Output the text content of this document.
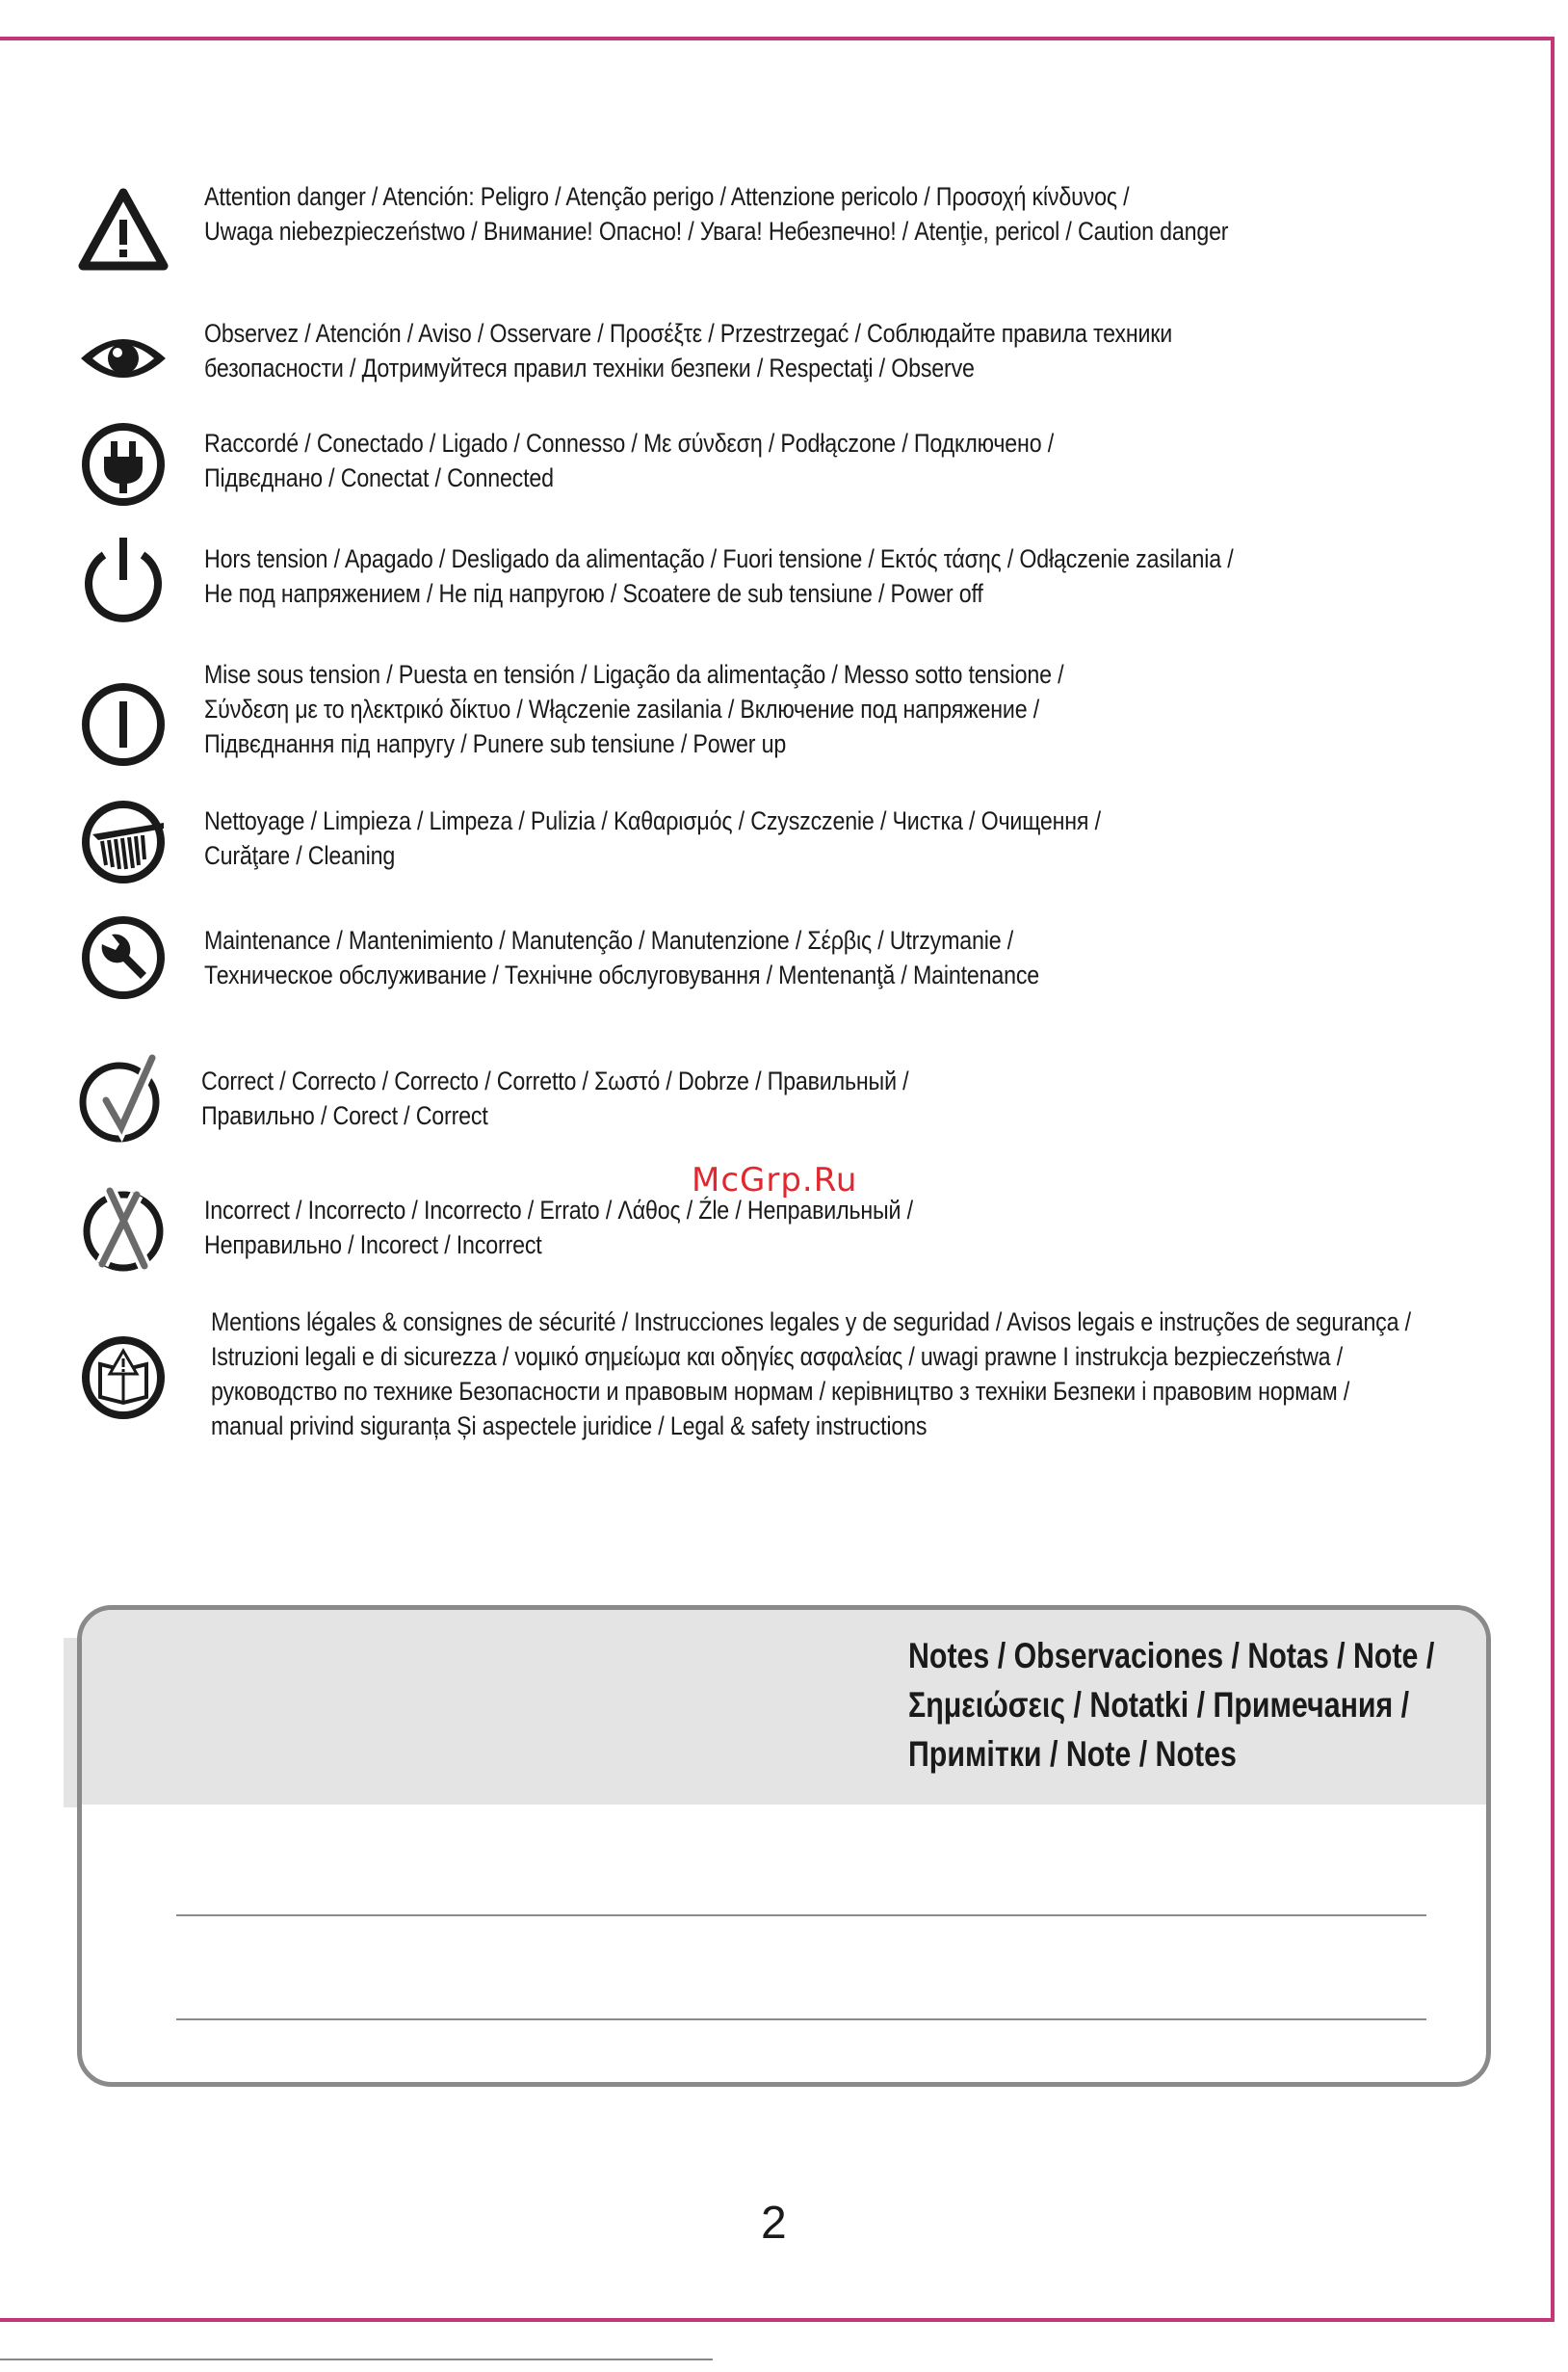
Attention danger / Atención: Peligro / Atenção perigo / Attenzione pericolo / Προσοχή κίνδυνος /
Uwaga niebezpieczeństwo / Внимание! Опасно! / Увага! Небезпечно! / Atenţie, pericol / Caution danger
Observez / Atención / Aviso / Osservare / Προσέξτε / Przestrzegać / Соблюдайте правила техники
безопасности / Дотримуйтеся правил техніки безпеки / Respectaţi / Observe
Raccordé / Conectado / Ligado / Connesso / Με σύνδεση / Podłączone / Подключено /
Підвєднано / Conectat / Connected
Hors tension / Apagado / Desligado da alimentação / Fuori tensione / Εκτός τάσης / Odłączenie zasilania /
Не под напряжением / Не під напругою / Scoatere de sub tensiune / Power off
Mise sous tension / Puesta en tensión / Ligação da alimentação / Messo sotto tensione /
Σύνδεση με το ηλεκτρικό δίκτυο / Włączenie zasilania / Включение под напряжение /
Підвєднання під напругу / Punere sub tensiune / Power up
Nettoyage / Limpieza / Limpeza / Pulizia / Καθαρισμός / Czyszczenie / Чистка / Очищення /
Curăţare / Cleaning
Maintenance / Mantenimiento / Manutenção / Manutenzione / Σέρβις / Utrzymanie /
Техническое обслуживание / Технічне обслуговування / Mentenanţă / Maintenance
Correct / Correcto / Correcto / Corretto / Σωστό / Dobrze / Правильный /
Правильно / Corect / Correct
Incorrect / Incorrecto / Incorrecto / Errato / Λάθος / Źle / Неправильный /
Неправильно / Incorect / Incorrect
McGrp.Ru
Mentions légales & consignes de sécurité / Instrucciones legales y de seguridad / Avisos legais e instruções de segurança /
Istruzioni legali e di sicurezza / νομικό σημείωμα και οδηγίες ασφαλείας / uwagi prawne I instrukcja bezpieczeństwa /
руководство по технике Безопасности и правовым нормам / керівництво з техніки Безпеки і правовим нормам /
manual privind siguranța Și aspectele juridice / Legal & safety instructions
Notes / Observaciones / Notas / Note /
Σημειώσεις / Notatki / Примечания /
Примітки / Note / Notes
2
